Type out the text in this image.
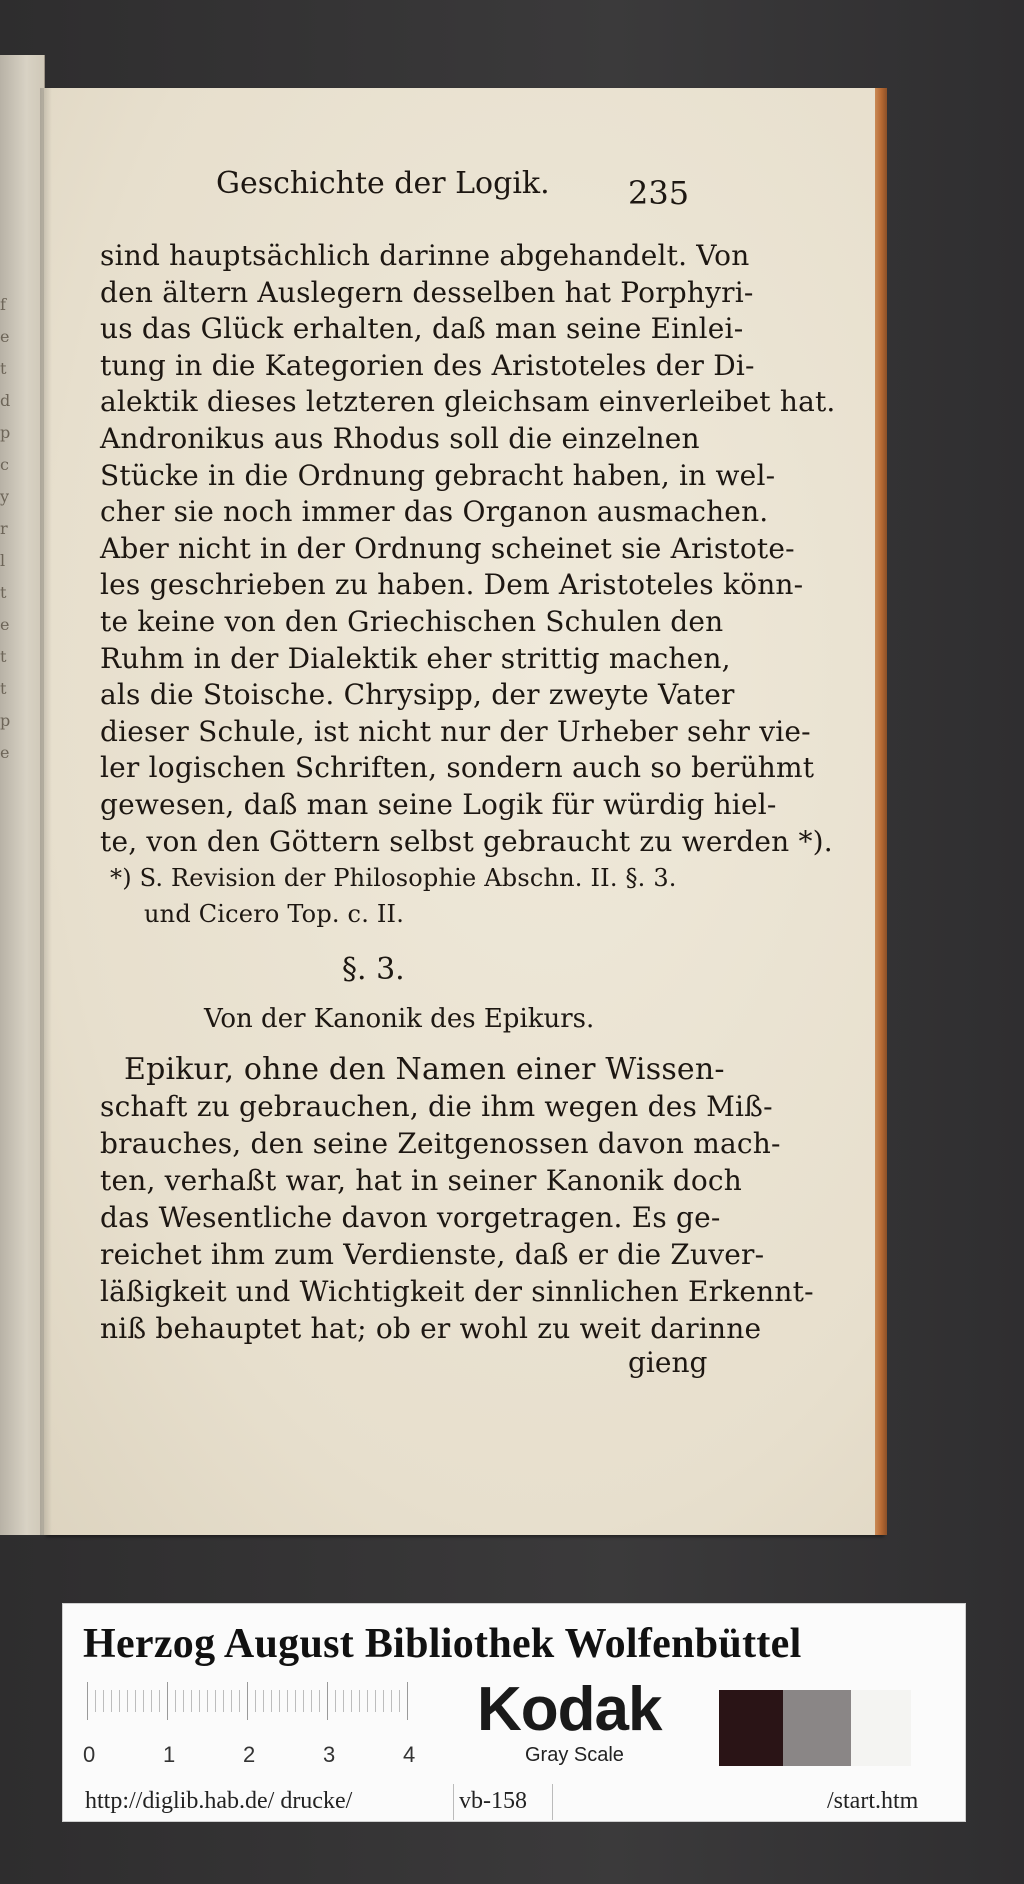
f
e
t
d
p
c
y
r
l
t
e
t
t
p
e
Geschichte der Logik. 235
sind hauptsächlich darinne abgehandelt. Von
den ältern Auslegern desselben hat Porphyri-
us das Glück erhalten, daß man seine Einlei-
tung in die Kategorien des Aristoteles der Di-
alektik dieses letzteren gleichsam einverleibet hat.
Andronikus aus Rhodus soll die einzelnen
Stücke in die Ordnung gebracht haben, in wel-
cher sie noch immer das Organon ausmachen.
Aber nicht in der Ordnung scheinet sie Aristote-
les geschrieben zu haben. Dem Aristoteles könn-
te keine von den Griechischen Schulen den
Ruhm in der Dialektik eher strittig machen,
als die Stoische. Chrysipp, der zweyte Vater
dieser Schule, ist nicht nur der Urheber sehr vie-
ler logischen Schriften, sondern auch so berühmt
gewesen, daß man seine Logik für würdig hiel-
te, von den Göttern selbst gebraucht zu werden *).
*) S. Revision der Philosophie Abschn. II. §. 3.
und Cicero Top. c. II.
§. 3.
Von der Kanonik des Epikurs.
Epikur, ohne den Namen einer Wissen-
schaft zu gebrauchen, die ihm wegen des Miß-
brauches, den seine Zeitgenossen davon mach-
ten, verhaßt war, hat in seiner Kanonik doch
das Wesentliche davon vorgetragen. Es ge-
reichet ihm zum Verdienste, daß er die Zuver-
läßigkeit und Wichtigkeit der sinnlichen Erkennt-
niß behauptet hat; ob er wohl zu weit darinne
gieng
Herzog August Bibliothek Wolfenbüttel
0	1	2	3	4
Kodak
Gray Scale
http://diglib.hab.de/ drucke/	vb-158	/start.htm
